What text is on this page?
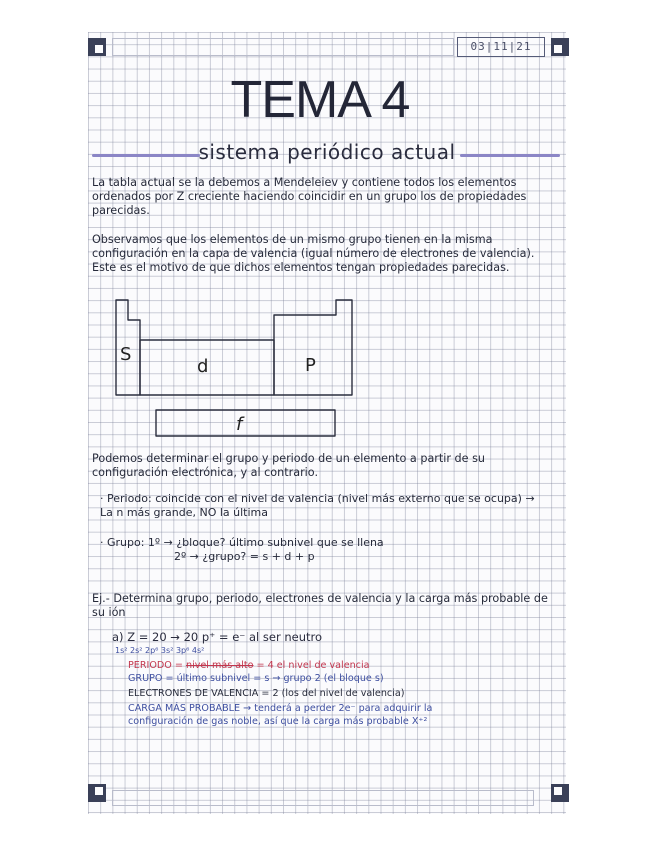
03|11|21
TEMA 4
sistema periódico actual
La tabla actual se la debemos a Mendeleiev y contiene todos los elementos ordenados por Z creciente haciendo coincidir en un grupo los de propiedades parecidas.
Observamos que los elementos de un mismo grupo tienen en la misma configuración en la capa de valencia (igual número de electrones de valencia). Este es el motivo de que dichos elementos tengan propiedades parecidas.
S
d	P
f
Podemos determinar el grupo y periodo de un elemento a partir de su configuración electrónica, y al contrario.
· Periodo: coincide con el nivel de valencia (nivel más externo que se ocupa) → La n más grande, NO la última
· Grupo: 1º → ¿bloque? último subnivel que se llena
2º → ¿grupo? = s + d + p
Ej.- Determina grupo, periodo, electrones de valencia y la carga más probable de su ión
a) Z = 20 → 20 p⁺ = e⁻ al ser neutro
1s² 2s² 2p⁶ 3s² 3p⁶ 4s²
PERIODO = nivel más alto = 4 el nivel de valencia
GRUPO = último subnivel = s → grupo 2 (el bloque s)
ELECTRONES DE VALENCIA = 2 (los del nivel de valencia)
CARGA MÁS PROBABLE → tenderá a perder 2e⁻ para adquirir la
configuración de gas noble, así que la carga más probable X⁺²
